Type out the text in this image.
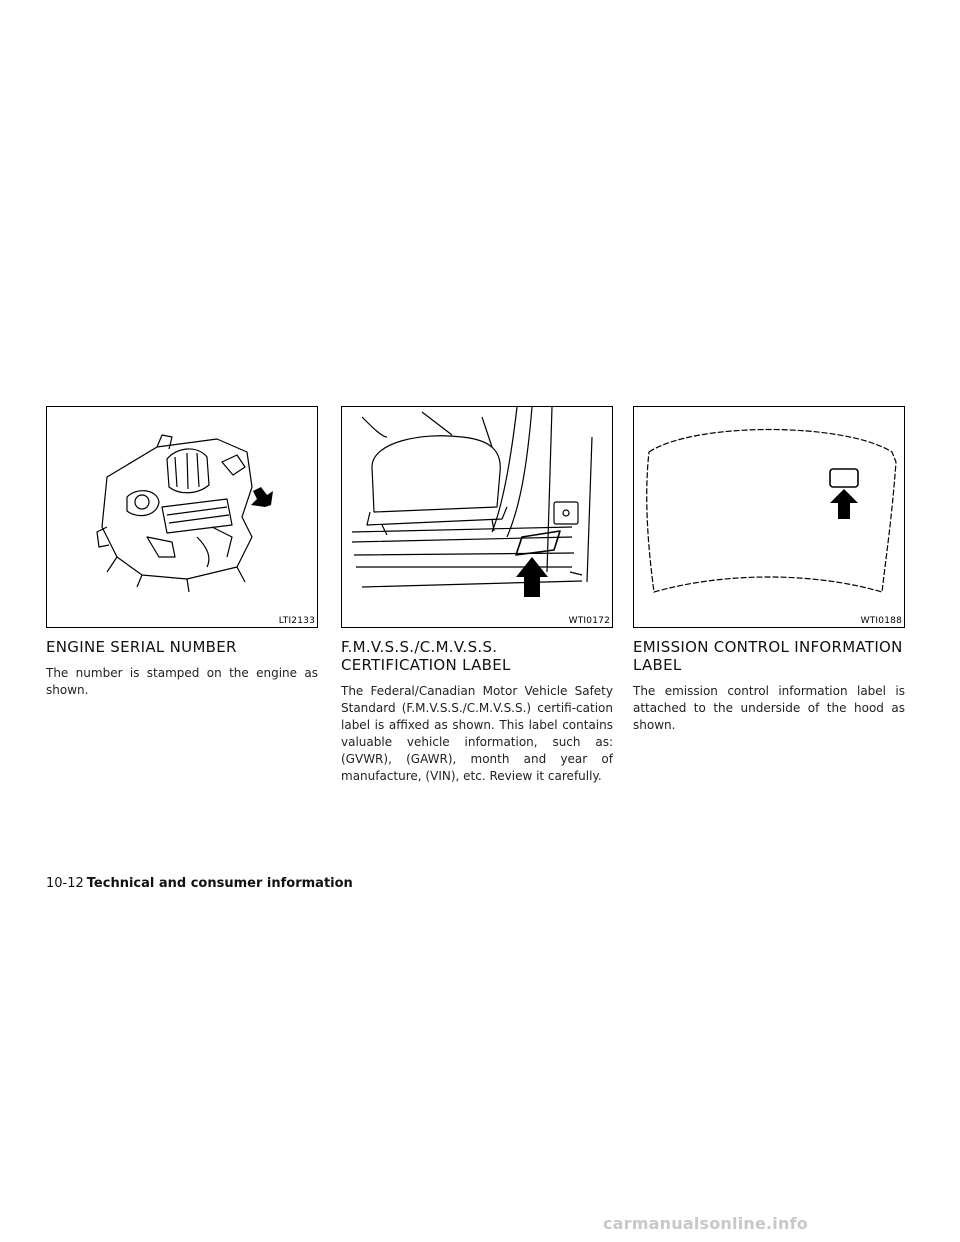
LTI2133
ENGINE SERIAL NUMBER

The number is stamped on the engine as shown.

WTI0172
F.M.V.S.S./C.M.V.S.S. CERTIFICATION LABEL

The Federal/Canadian Motor Vehicle Safety Standard (F.M.V.S.S./C.M.V.S.S.) certifi-cation label is affixed as shown. This label contains valuable vehicle information, such as: (GVWR), (GAWR), month and year of manufacture, (VIN), etc. Review it carefully.

WTI0188
EMISSION CONTROL INFORMATION LABEL

The emission control information label is attached to the underside of the hood as shown.

10-12 Technical and consumer information
carmanualsonline.info
